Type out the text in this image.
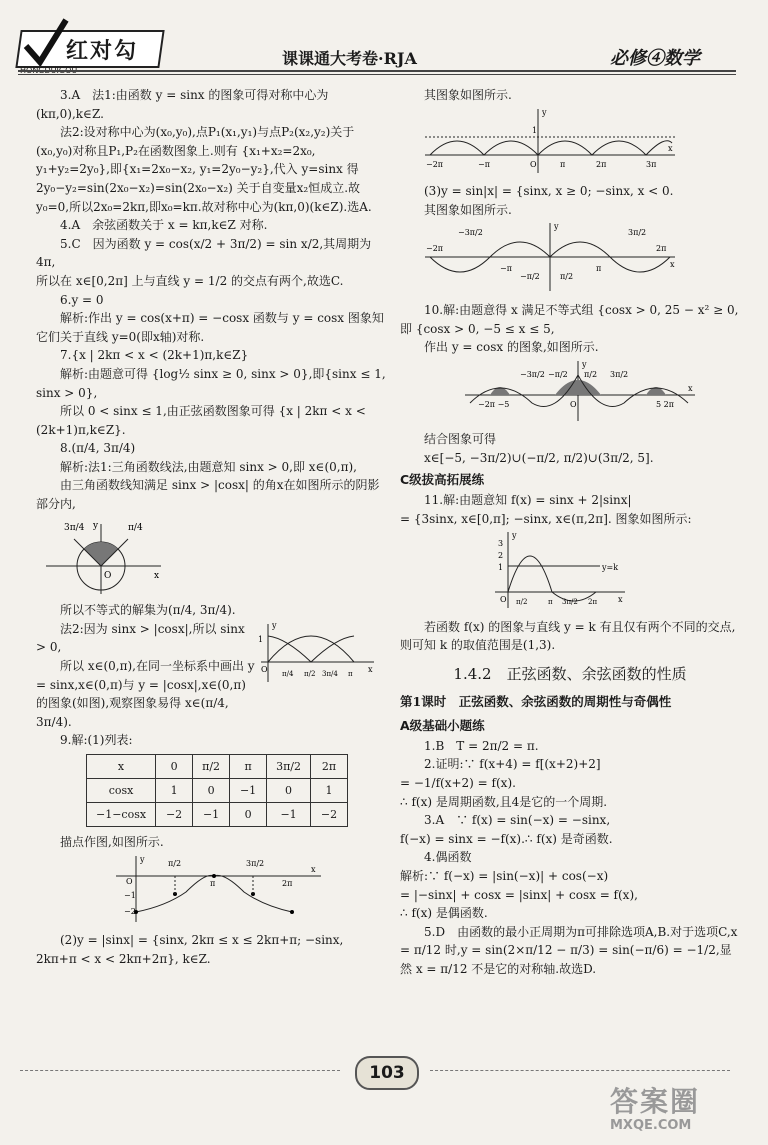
红对勾	课课通大考卷·RJA	必修④数学

3.A　法1:由函数 y = sinx 的图象可得对称中心为(kπ,0),k∈Z.

法2:设对称中心为(x₀,y₀),点P₁(x₁,y₁)与点P₂(x₂,y₂)关于(x₀,y₀)对称且P₁,P₂在函数图象上.则有 {x₁+x₂=2x₀, y₁+y₂=2y₀},即{x₁=2x₀−x₂, y₁=2y₀−y₂},代入 y=sinx 得 2y₀−y₂=sin(2x₀−x₂)=sin(2x₀−x₂) 关于自变量x₂恒成立.故 y₀=0,所以2x₀=2kπ,即x₀=kπ.故对称中心为(kπ,0)(k∈Z).选A.

4.A　余弦函数关于 x = kπ,k∈Z 对称.

5.C　因为函数 y = cos(x/2 + 3π/2) = sin x/2,其周期为4π,

所以在 x∈[0,2π] 上与直线 y = 1/2 的交点有两个,故选C.

6.y = 0

解析:作出 y = cos(x+π) = −cosx 函数与 y = cosx 图象知它们关于直线 y=0(即x轴)对称.

7.{x | 2kπ < x < (2k+1)π,k∈Z}

解析:由题意可得 {log½ sinx ≥ 0, sinx > 0},即{sinx ≤ 1, sinx > 0},

所以 0 < sinx ≤ 1,由正弦函数图象可得 {x | 2kπ < x < (2k+1)π,k∈Z}.

8.(π/4, 3π/4)

解析:法1:三角函数线法,由题意知 sinx > 0,即 x∈(0,π),

由三角函数线知满足 sinx > |cosx| 的角x在如图所示的阴影部分内,

3π/4	π/4
y
O	x

所以不等式的解集为(π/4, 3π/4).

法2:因为 sinx > |cosx|,所以 sinx > 0,

所以 x∈(0,π),在同一坐标系中画出 y = sinx,x∈(0,π)与 y = |cosx|,x∈(0,π)的图象(如图),观察图象易得 x∈(π/4, 3π/4).

1
O π/4 π/2 3π/4 π x
y

9.解:(1)列表:

x	0	π/2	π	3π/2	2π
cosx	1	0	−1	0	1
−1−cosx	−2	−1	0	−1	−2

描点作图,如图所示.

O
−1
−2
π/2	3π/2
π	2π
x
y

(2)y = |sinx| = {sinx, 2kπ ≤ x ≤ 2kπ+π; −sinx, 2kπ+π < x < 2kπ+2π}, k∈Z.

其图象如图所示.

−2π	−π	O	π	2π	3π
1
y
x

(3)y = sin|x| = {sinx, x ≥ 0; −sinx, x < 0.

其图象如图所示.

−2π
−3π/2
−π
−π/2	π/2
π
3π/2
2π
y
x

10.解:由题意得 x 满足不等式组 {cosx > 0, 25 − x² ≥ 0,

即 {cosx > 0, −5 ≤ x ≤ 5,

作出 y = cosx 的图象,如图所示.

−2π −5
−3π/2 −π/2 π/2 3π/2
O	5 2π
y
x

结合图象可得

x∈[−5, −3π/2)∪(−π/2, π/2)∪(3π/2, 5].

C级拔高拓展练

11.解:由题意知 f(x) = sinx + 2|sinx|

= {3sinx, x∈[0,π]; −sinx, x∈(π,2π]. 图象如图所示:

3
2
1
O π/2	π 3π/2 2π
y=k
y
x

若函数 f(x) 的图象与直线 y = k 有且仅有两个不同的交点,则可知 k 的取值范围是(1,3).

1.4.2　正弦函数、余弦函数的性质

第1课时　正弦函数、余弦函数的周期性与奇偶性

A级基础小题练

1.B　T = 2π/2 = π.

2.证明:∵ f(x+4) = f[(x+2)+2]

= −1/f(x+2) = f(x).

∴ f(x) 是周期函数,且4是它的一个周期.

3.A　∵ f(x) = sin(−x) = −sinx,

f(−x) = sinx = −f(x).∴ f(x) 是奇函数.

4.偶函数

解析:∵ f(−x) = |sin(−x)| + cos(−x)

= |−sinx| + cosx = |sinx| + cosx = f(x),

∴ f(x) 是偶函数.

5.D　由函数的最小正周期为π可排除选项A,B.对于选项C,x = π/12 时,y = sin(2×π/12 − π/3) = sin(−π/6) = −1/2,显

然 x = π/12 不是它的对称轴.故选D.

103
答案圈
MXQE.COM
